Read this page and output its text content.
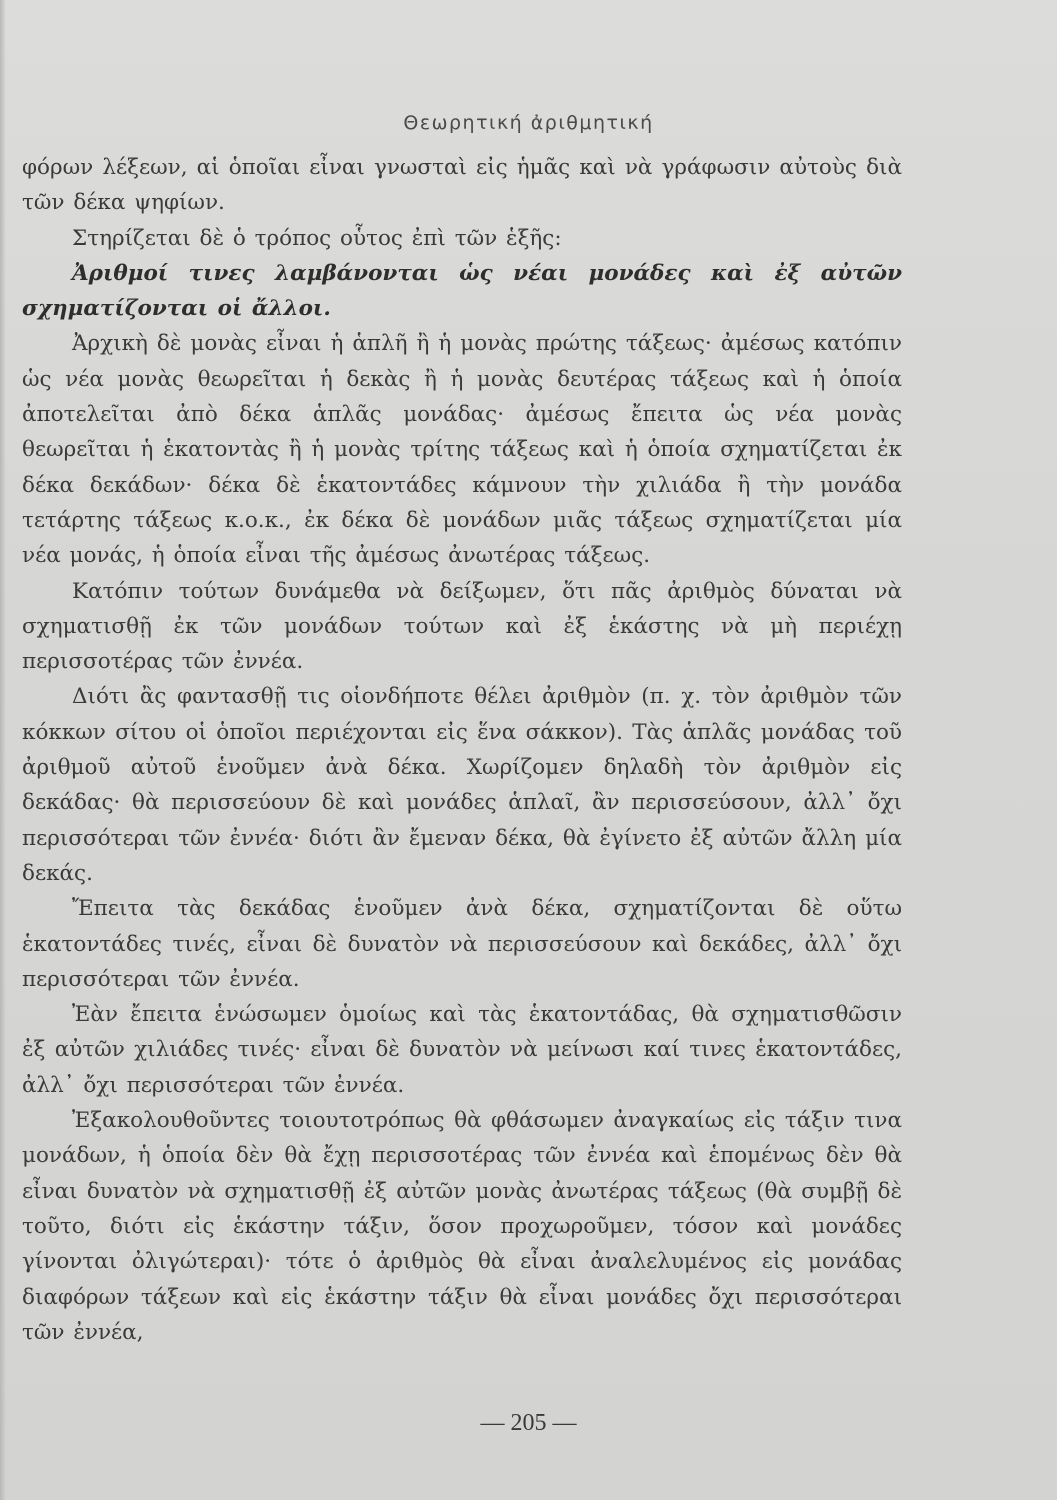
Θεωρητική ἀριθμητική

φόρων λέξεων, αἱ ὁποῖαι εἶναι γνωσταὶ εἰς ἡμᾶς καὶ νὰ γράφωσιν αὐτοὺς διὰ τῶν δέκα ψηφίων.

Στηρίζεται δὲ ὁ τρόπος οὗτος ἐπὶ τῶν ἑξῆς:

Ἀριθμοί τινες λαμβάνονται ὡς νέαι μονάδες καὶ ἐξ αὐτῶν σχηματίζονται οἱ ἄλλοι.

Ἀρχικὴ δὲ μονὰς εἶναι ἡ ἁπλῆ ἢ ἡ μονὰς πρώτης τάξεως· ἀμέσως κατόπιν ὡς νέα μονὰς θεωρεῖται ἡ δεκὰς ἢ ἡ μονὰς δευτέρας τάξεως καὶ ἡ ὁποία ἀποτελεῖται ἀπὸ δέκα ἁπλᾶς μονάδας· ἀμέσως ἔπειτα ὡς νέα μονὰς θεωρεῖται ἡ ἑκατοντὰς ἢ ἡ μονὰς τρίτης τάξεως καὶ ἡ ὁποία σχηματίζεται ἐκ δέκα δεκάδων· δέκα δὲ ἑκατοντάδες κάμνουν τὴν χιλιάδα ἢ τὴν μονάδα τετάρτης τάξεως κ.ο.κ., ἐκ δέκα δὲ μονάδων μιᾶς τάξεως σχηματίζεται μία νέα μονάς, ἡ ὁποία εἶναι τῆς ἀμέσως ἀνωτέρας τάξεως.

Κατόπιν τούτων δυνάμεθα νὰ δείξωμεν, ὅτι πᾶς ἀριθμὸς δύναται νὰ σχηματισθῇ ἐκ τῶν μονάδων τούτων καὶ ἐξ ἑκάστης νὰ μὴ περιέχῃ περισσοτέρας τῶν ἐννέα.

Διότι ἂς φαντασθῇ τις οἱονδήποτε θέλει ἀριθμὸν (π. χ. τὸν ἀριθμὸν τῶν κόκκων σίτου οἱ ὁποῖοι περιέχονται εἰς ἕνα σάκκον). Τὰς ἁπλᾶς μονάδας τοῦ ἀριθμοῦ αὐτοῦ ἑνοῦμεν ἀνὰ δέκα. Χωρίζομεν δηλαδὴ τὸν ἀριθμὸν εἰς δεκάδας· θὰ περισσεύουν δὲ καὶ μονάδες ἁπλαῖ, ἂν περισσεύσουν, ἀλλ᾽ ὄχι περισσότεραι τῶν ἐννέα· διότι ἂν ἔμεναν δέκα, θὰ ἐγίνετο ἐξ αὐτῶν ἄλλη μία δεκάς.

Ἔπειτα τὰς δεκάδας ἑνοῦμεν ἀνὰ δέκα, σχηματίζονται δὲ οὕτω ἑκατοντάδες τινές, εἶναι δὲ δυνατὸν νὰ περισσεύσουν καὶ δεκάδες, ἀλλ᾽ ὄχι περισσότεραι τῶν ἐννέα.

Ἐὰν ἔπειτα ἑνώσωμεν ὁμοίως καὶ τὰς ἑκατοντάδας, θὰ σχηματισθῶσιν ἐξ αὐτῶν χιλιάδες τινές· εἶναι δὲ δυνατὸν νὰ μείνωσι καί τινες ἑκατοντάδες, ἀλλ᾽ ὄχι περισσότεραι τῶν ἐννέα.

Ἐξακολουθοῦντες τοιουτοτρόπως θὰ φθάσωμεν ἀναγκαίως εἰς τάξιν τινα μονάδων, ἡ ὁποία δὲν θὰ ἔχῃ περισσοτέρας τῶν ἐννέα καὶ ἑπομένως δὲν θὰ εἶναι δυνατὸν νὰ σχηματισθῇ ἐξ αὐτῶν μονὰς ἀνωτέρας τάξεως (θὰ συμβῇ δὲ τοῦτο, διότι εἰς ἑκάστην τάξιν, ὅσον προχωροῦμεν, τόσον καὶ μονάδες γίνονται ὀλιγώτεραι)· τότε ὁ ἀριθμὸς θὰ εἶναι ἀναλελυμένος εἰς μονάδας διαφόρων τάξεων καὶ εἰς ἑκάστην τάξιν θὰ εἶναι μονάδες ὄχι περισσότεραι τῶν ἐννέα,

— 205 —
